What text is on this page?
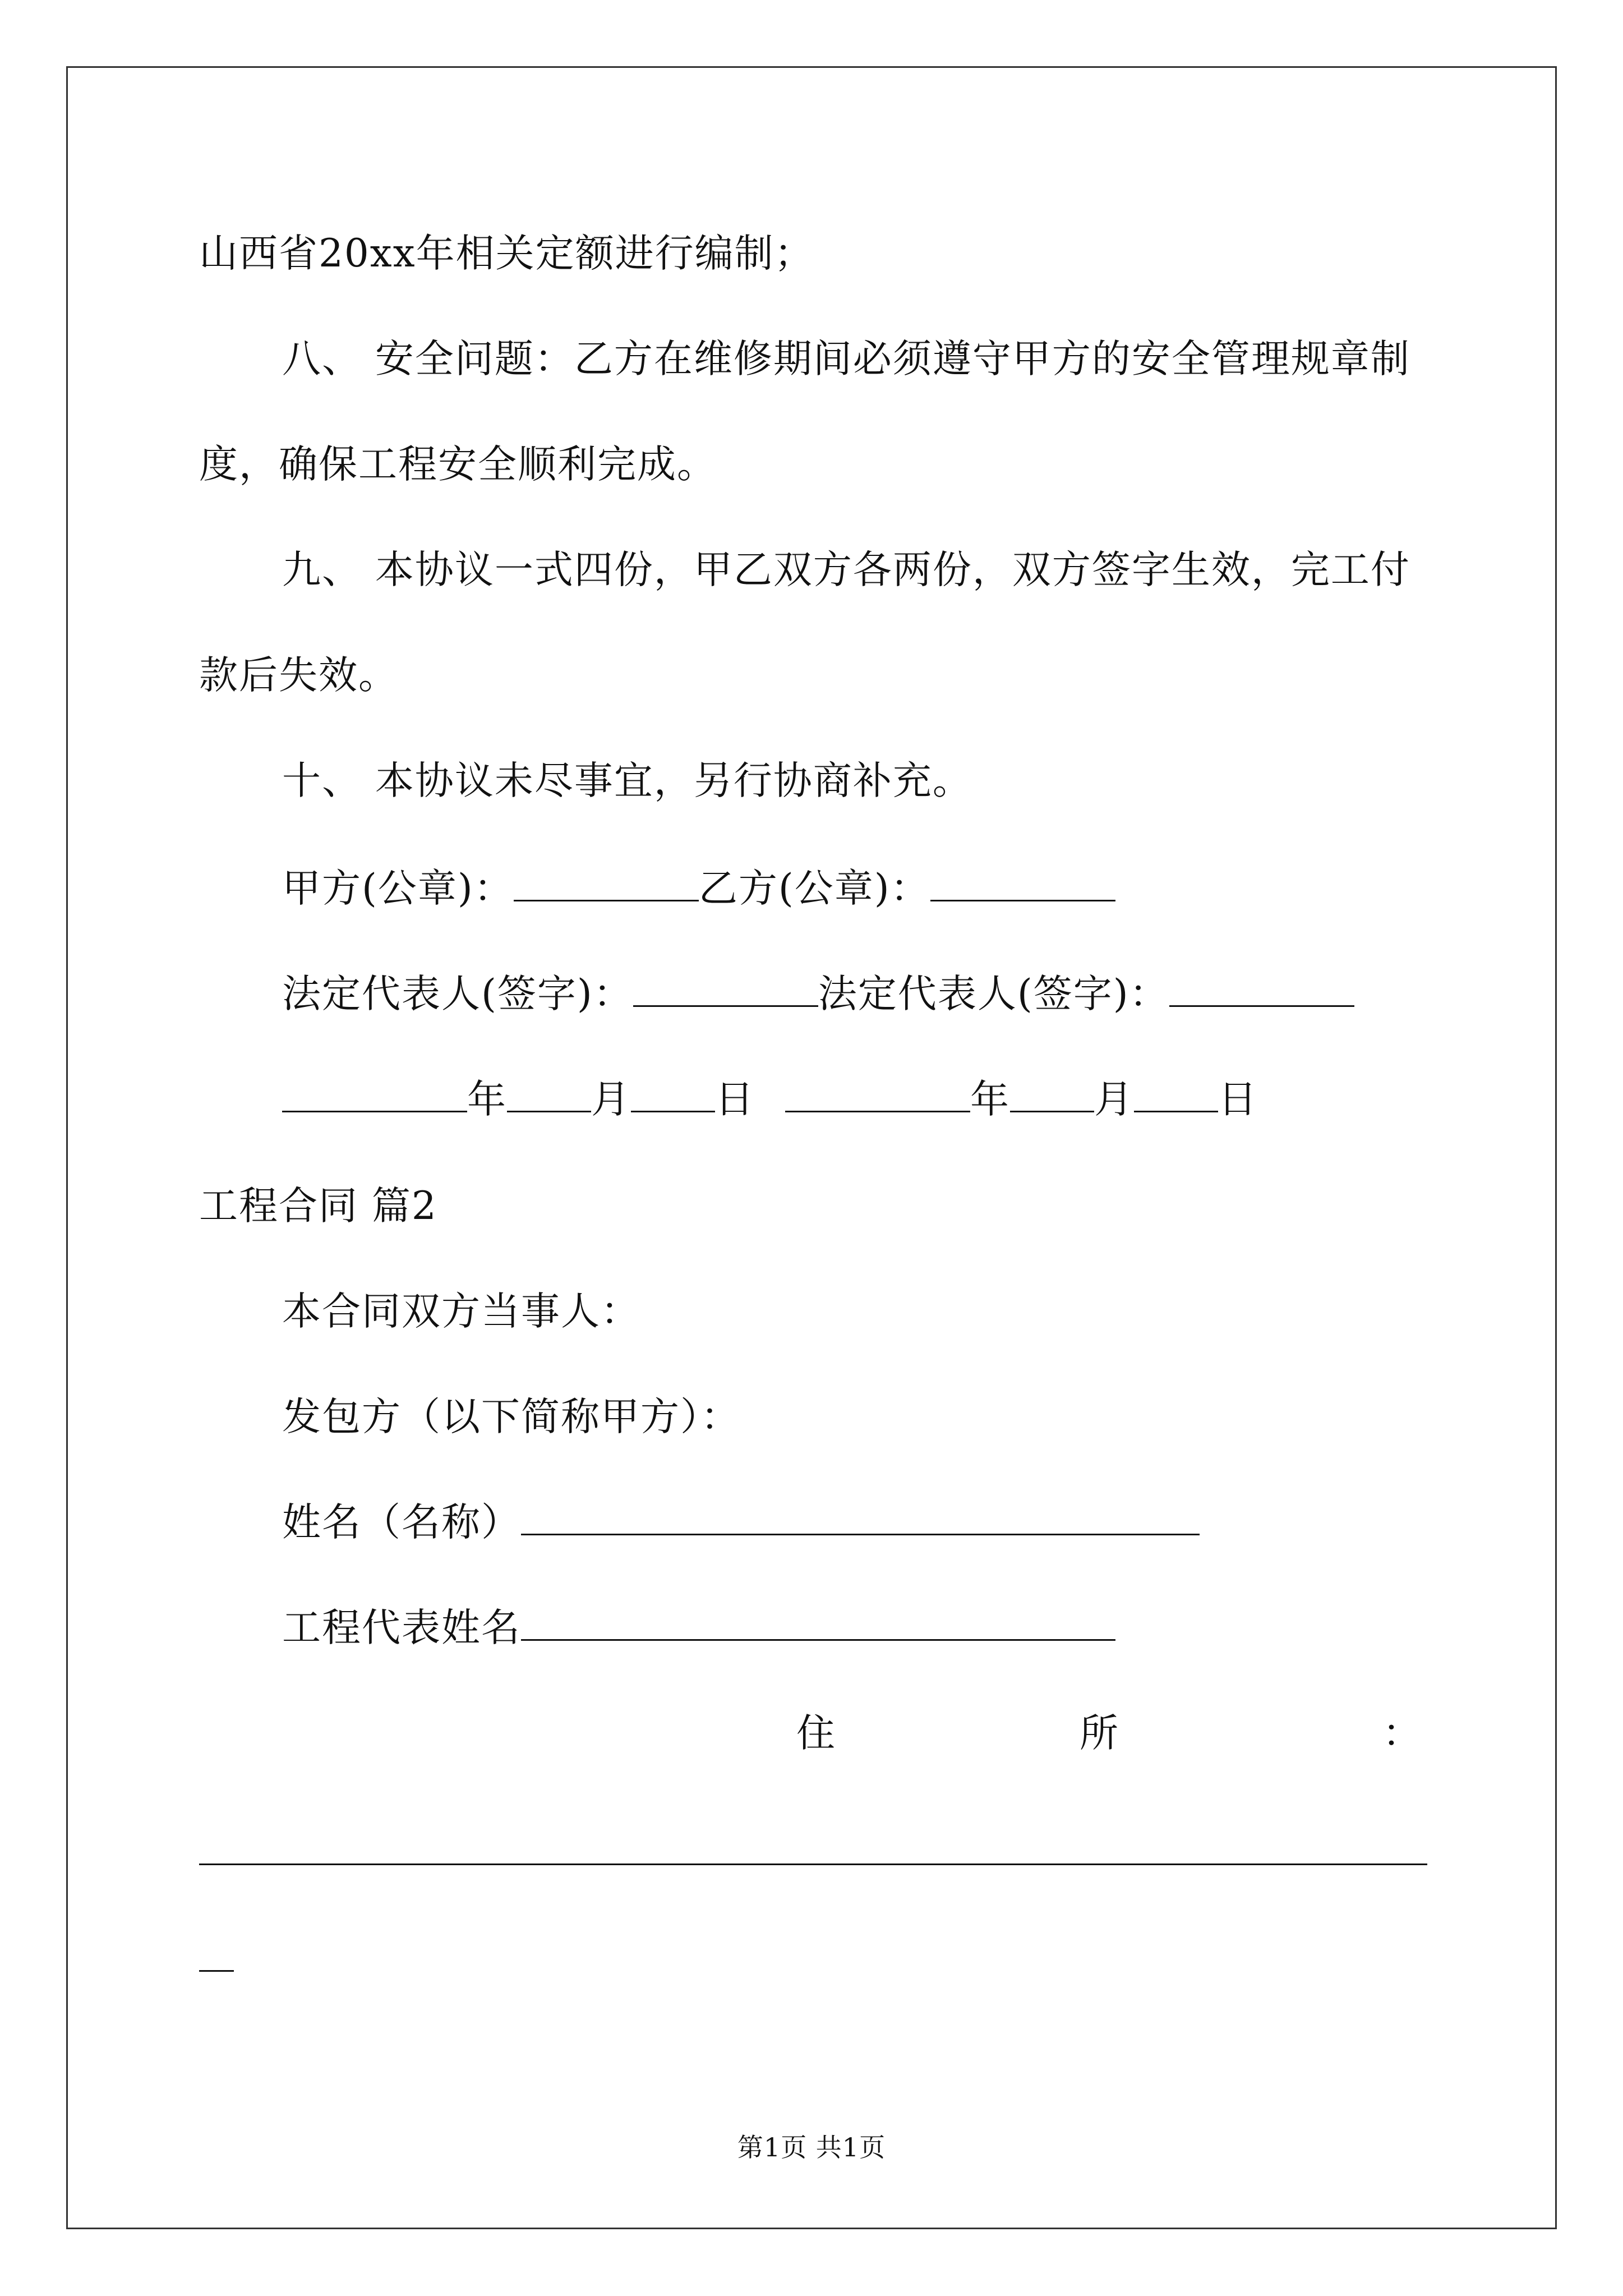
山西省20xx年相关定额进行编制；
八、 安全问题：乙方在维修期间必须遵守甲方的安全管理规章制
度，确保工程安全顺利完成。
九、 本协议一式四份，甲乙双方各两份，双方签字生效，完工付
款后失效。
十、 本协议未尽事宜，另行协商补充。
甲方(公章)：	乙方(公章)：
法定代表人(签字)：	法定代表人(签字)：
年 月 日	年 月 日
工程合同 篇2
本合同双方当事人：
发包方（以下简称甲方）：
姓名（名称）
工程代表姓名
住	所	：
第1页 共1页
